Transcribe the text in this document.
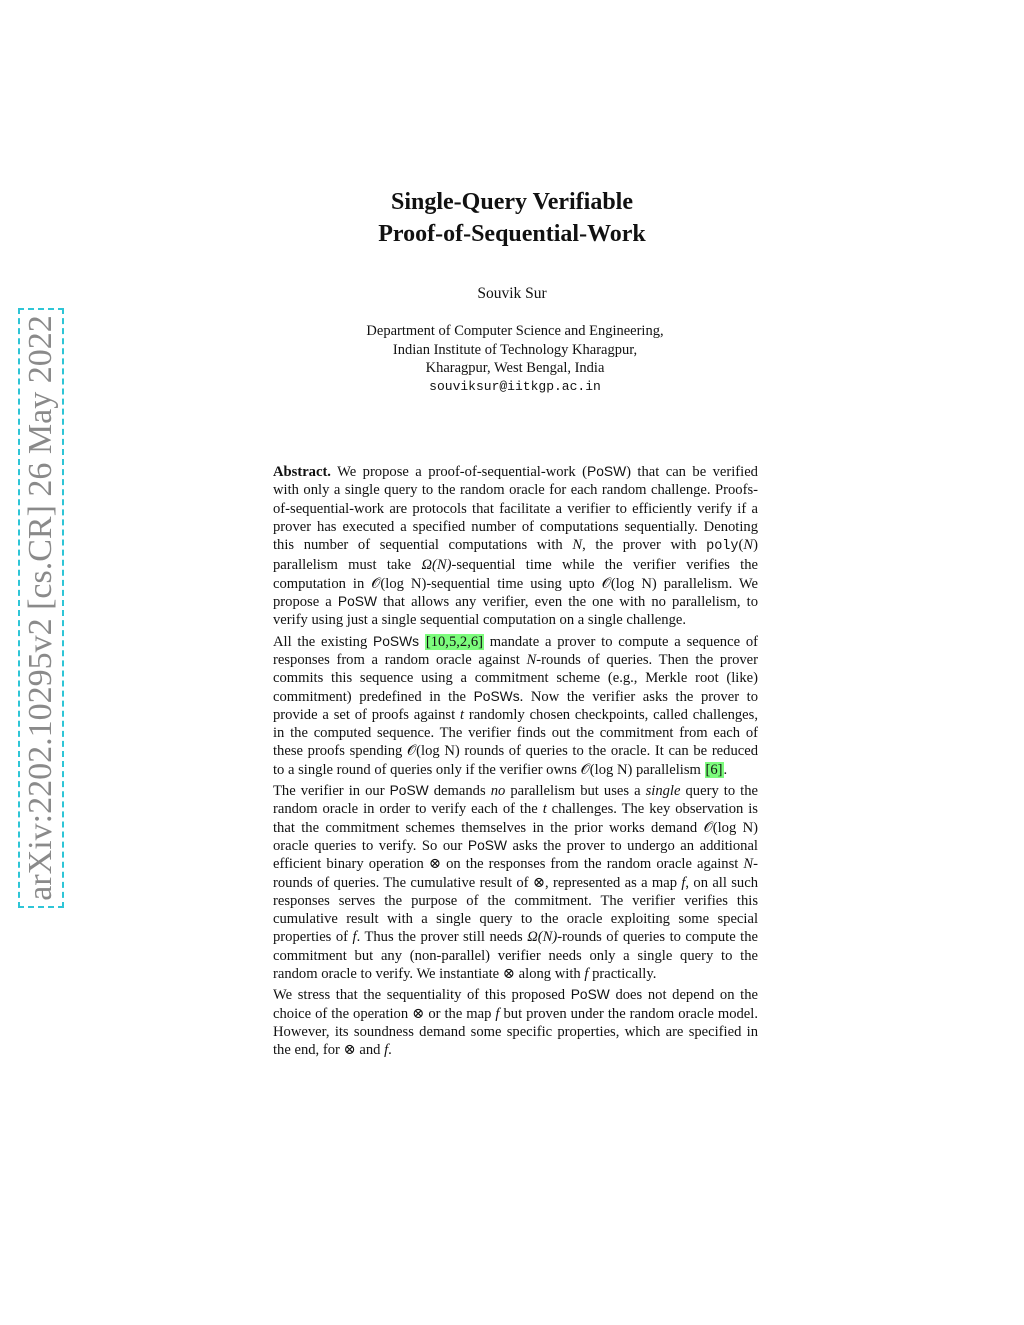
arXiv:2202.10295v2 [cs.CR] 26 May 2022
Single-Query Verifiable
Proof-of-Sequential-Work
Souvik Sur
Department of Computer Science and Engineering,
Indian Institute of Technology Kharagpur,
Kharagpur, West Bengal, India
souviksur@iitkgp.ac.in

Abstract. We propose a proof-of-sequential-work (PoSW) that can be verified with only a single query to the random oracle for each random challenge. Proofs-of-sequential-work are protocols that facilitate a verifier to efficiently verify if a prover has executed a specified number of computations sequentially. Denoting this number of sequential computations with N, the prover with poly(N) parallelism must take Ω(N)-sequential time while the verifier verifies the computation in 𝒪(log N)-sequential time using upto 𝒪(log N) parallelism. We propose a PoSW that allows any verifier, even the one with no parallelism, to verify using just a single sequential computation on a single challenge.

All the existing PoSWs [10,5,2,6] mandate a prover to compute a sequence of responses from a random oracle against N-rounds of queries. Then the prover commits this sequence using a commitment scheme (e.g., Merkle root (like) commitment) predefined in the PoSWs. Now the verifier asks the prover to provide a set of proofs against t randomly chosen checkpoints, called challenges, in the computed sequence. The verifier finds out the commitment from each of these proofs spending 𝒪(log N) rounds of queries to the oracle. It can be reduced to a single round of queries only if the verifier owns 𝒪(log N) parallelism [6].

The verifier in our PoSW demands no parallelism but uses a single query to the random oracle in order to verify each of the t challenges. The key observation is that the commitment schemes themselves in the prior works demand 𝒪(log N) oracle queries to verify. So our PoSW asks the prover to undergo an additional efficient binary operation ⊗ on the responses from the random oracle against N-rounds of queries. The cumulative result of ⊗, represented as a map f, on all such responses serves the purpose of the commitment. The verifier verifies this cumulative result with a single query to the oracle exploiting some special properties of f. Thus the prover still needs Ω(N)-rounds of queries to compute the commitment but any (non-parallel) verifier needs only a single query to the random oracle to verify. We instantiate ⊗ along with f practically.

We stress that the sequentiality of this proposed PoSW does not depend on the choice of the operation ⊗ or the map f but proven under the random oracle model. However, its soundness demand some specific properties, which are specified in the end, for ⊗ and f.
